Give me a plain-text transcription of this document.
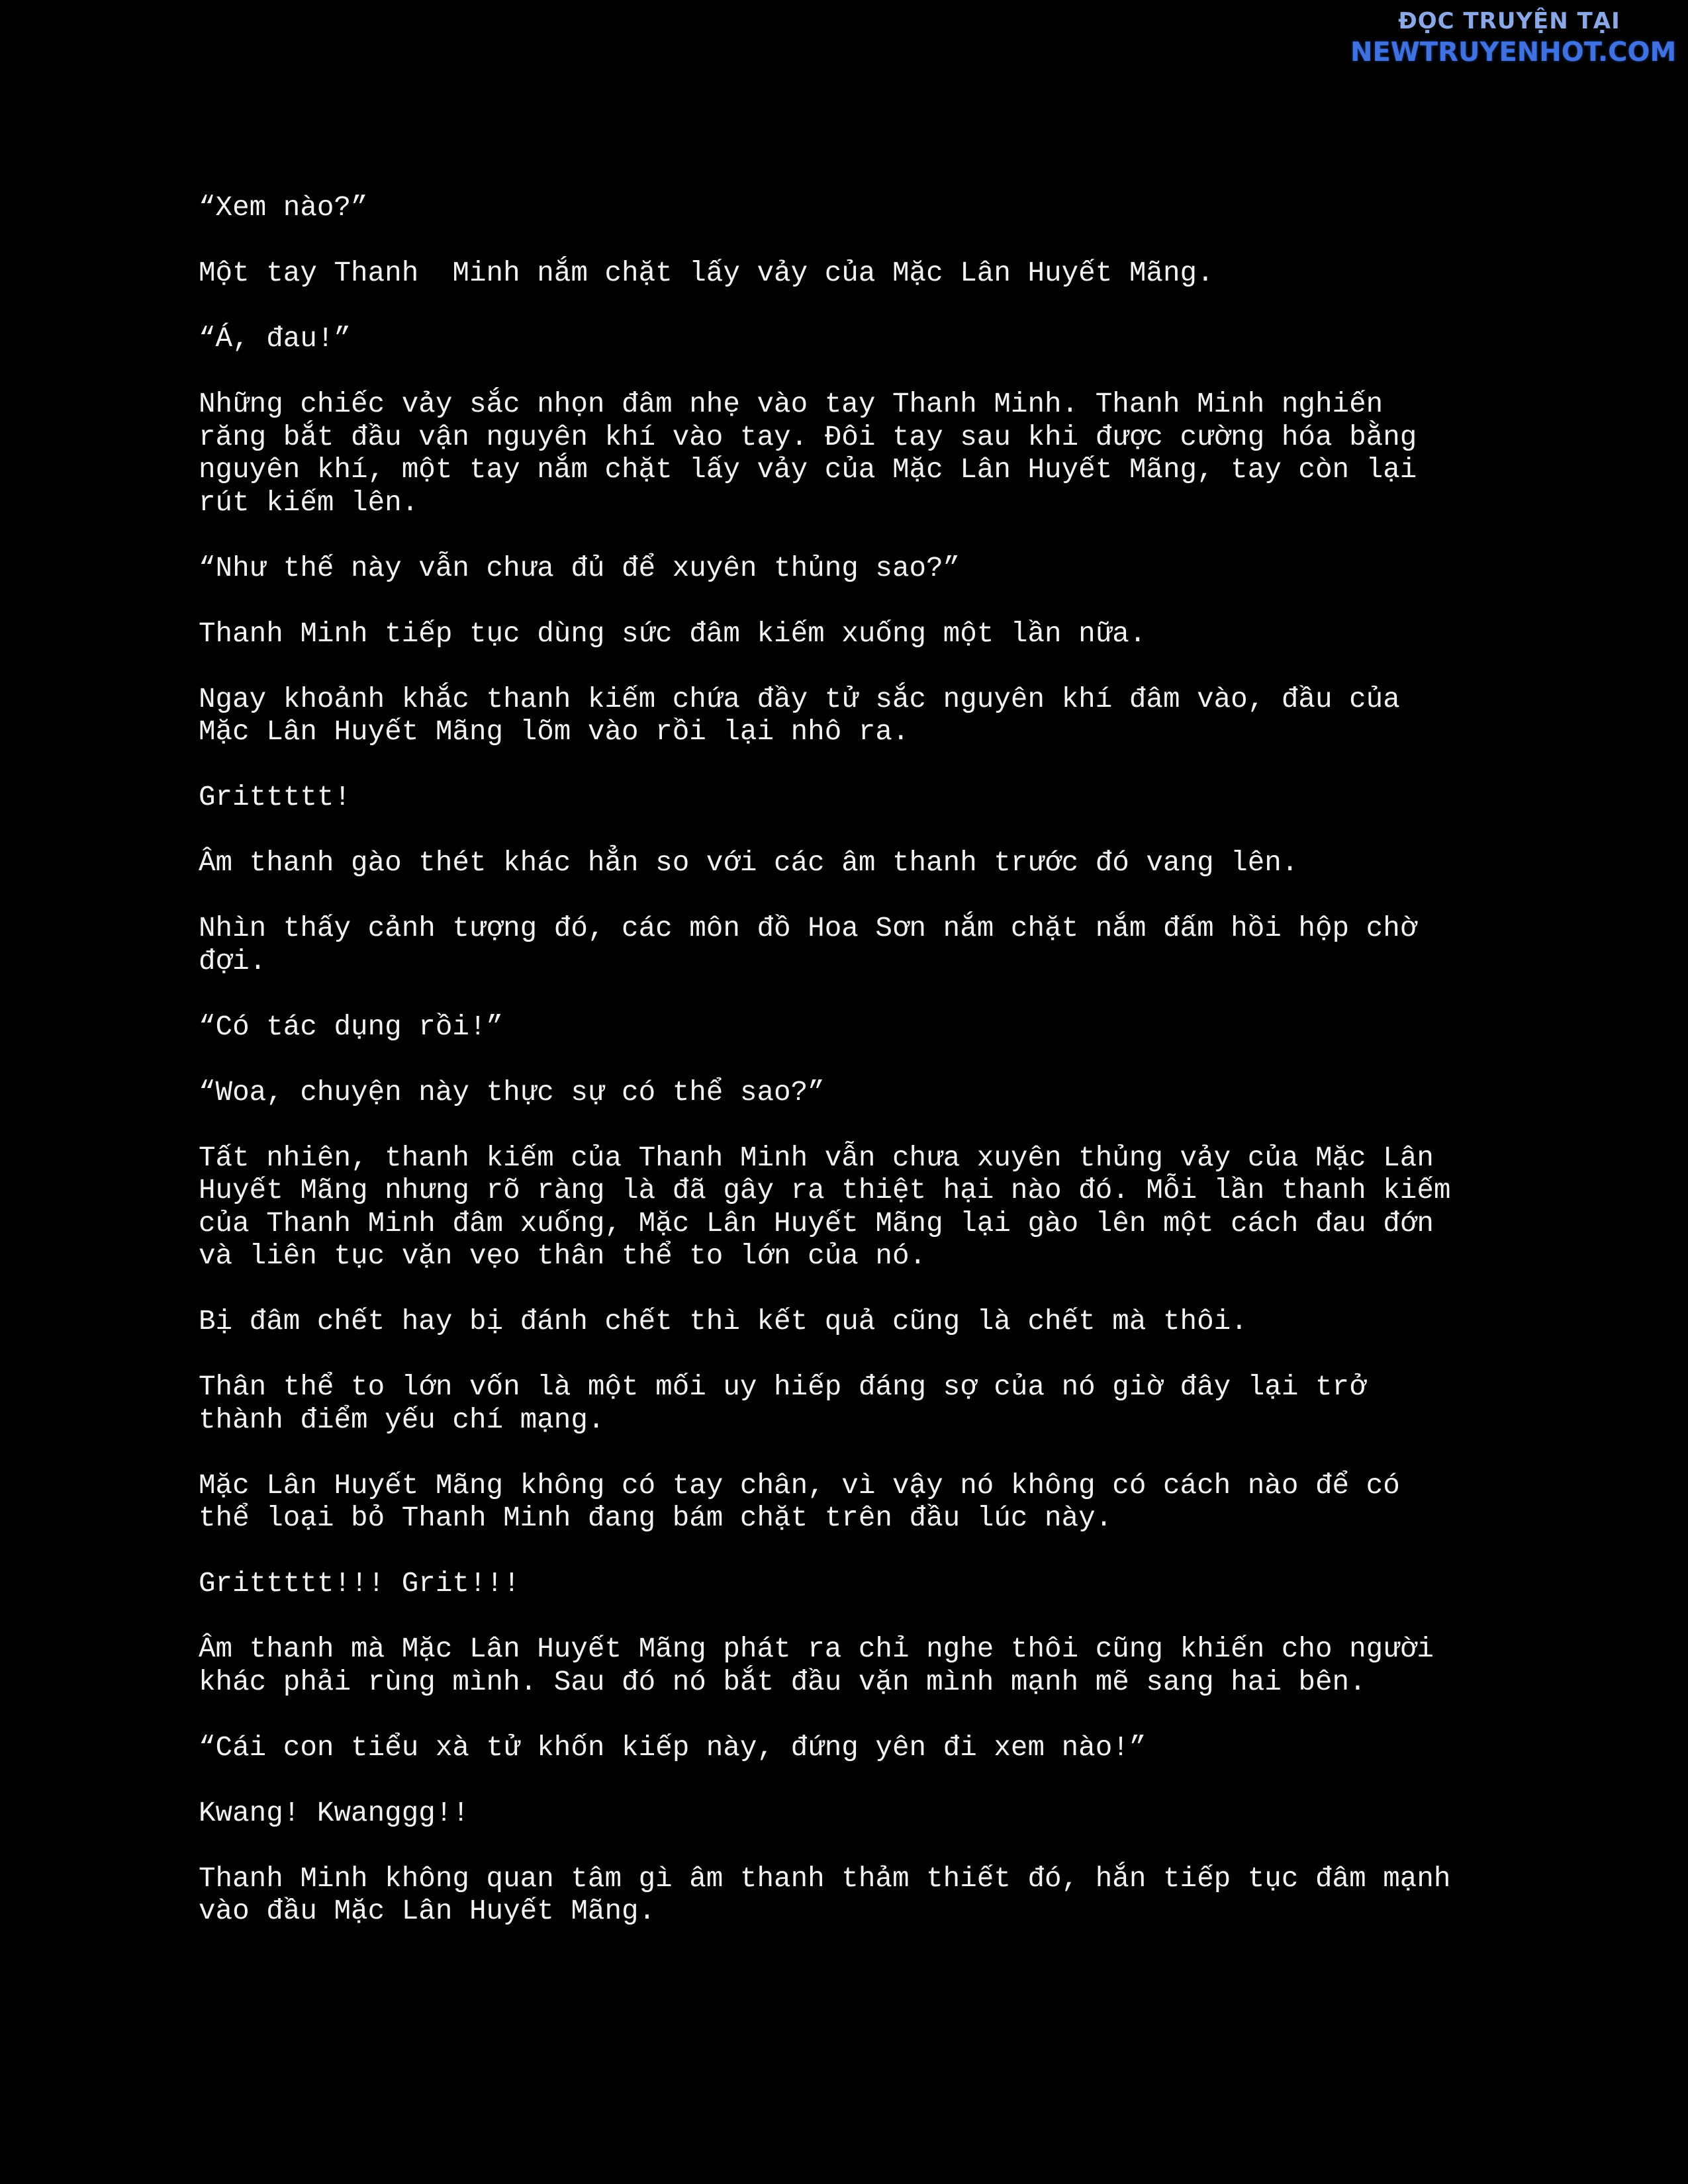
ĐỌC TRUYỆN TẠI
NEWTRUYENHOT.COM

“Xem nào?”

Một tay Thanh  Minh nắm chặt lấy vảy của Mặc Lân Huyết Mãng.

“Á, đau!”

Những chiếc vảy sắc nhọn đâm nhẹ vào tay Thanh Minh. Thanh Minh nghiến
răng bắt đầu vận nguyên khí vào tay. Đôi tay sau khi được cường hóa bằng
nguyên khí, một tay nắm chặt lấy vảy của Mặc Lân Huyết Mãng, tay còn lại
rút kiếm lên.

“Như thế này vẫn chưa đủ để xuyên thủng sao?”

Thanh Minh tiếp tục dùng sức đâm kiếm xuống một lần nữa.

Ngay khoảnh khắc thanh kiếm chứa đầy tử sắc nguyên khí đâm vào, đầu của
Mặc Lân Huyết Mãng lõm vào rồi lại nhô ra.

Grittttt!

Âm thanh gào thét khác hẳn so với các âm thanh trước đó vang lên.

Nhìn thấy cảnh tượng đó, các môn đồ Hoa Sơn nắm chặt nắm đấm hồi hộp chờ
đợi.

“Có tác dụng rồi!”

“Woa, chuyện này thực sự có thể sao?”

Tất nhiên, thanh kiếm của Thanh Minh vẫn chưa xuyên thủng vảy của Mặc Lân
Huyết Mãng nhưng rõ ràng là đã gây ra thiệt hại nào đó. Mỗi lần thanh kiếm
của Thanh Minh đâm xuống, Mặc Lân Huyết Mãng lại gào lên một cách đau đớn
và liên tục vặn vẹo thân thể to lớn của nó.

Bị đâm chết hay bị đánh chết thì kết quả cũng là chết mà thôi.

Thân thể to lớn vốn là một mối uy hiếp đáng sợ của nó giờ đây lại trở
thành điểm yếu chí mạng.

Mặc Lân Huyết Mãng không có tay chân, vì vậy nó không có cách nào để có
thể loại bỏ Thanh Minh đang bám chặt trên đầu lúc này.

Grittttt!!! Grit!!!

Âm thanh mà Mặc Lân Huyết Mãng phát ra chỉ nghe thôi cũng khiến cho người
khác phải rùng mình. Sau đó nó bắt đầu vặn mình mạnh mẽ sang hai bên.

“Cái con tiểu xà tử khốn kiếp này, đứng yên đi xem nào!”

Kwang! Kwanggg!!

Thanh Minh không quan tâm gì âm thanh thảm thiết đó, hắn tiếp tục đâm mạnh
vào đầu Mặc Lân Huyết Mãng.
